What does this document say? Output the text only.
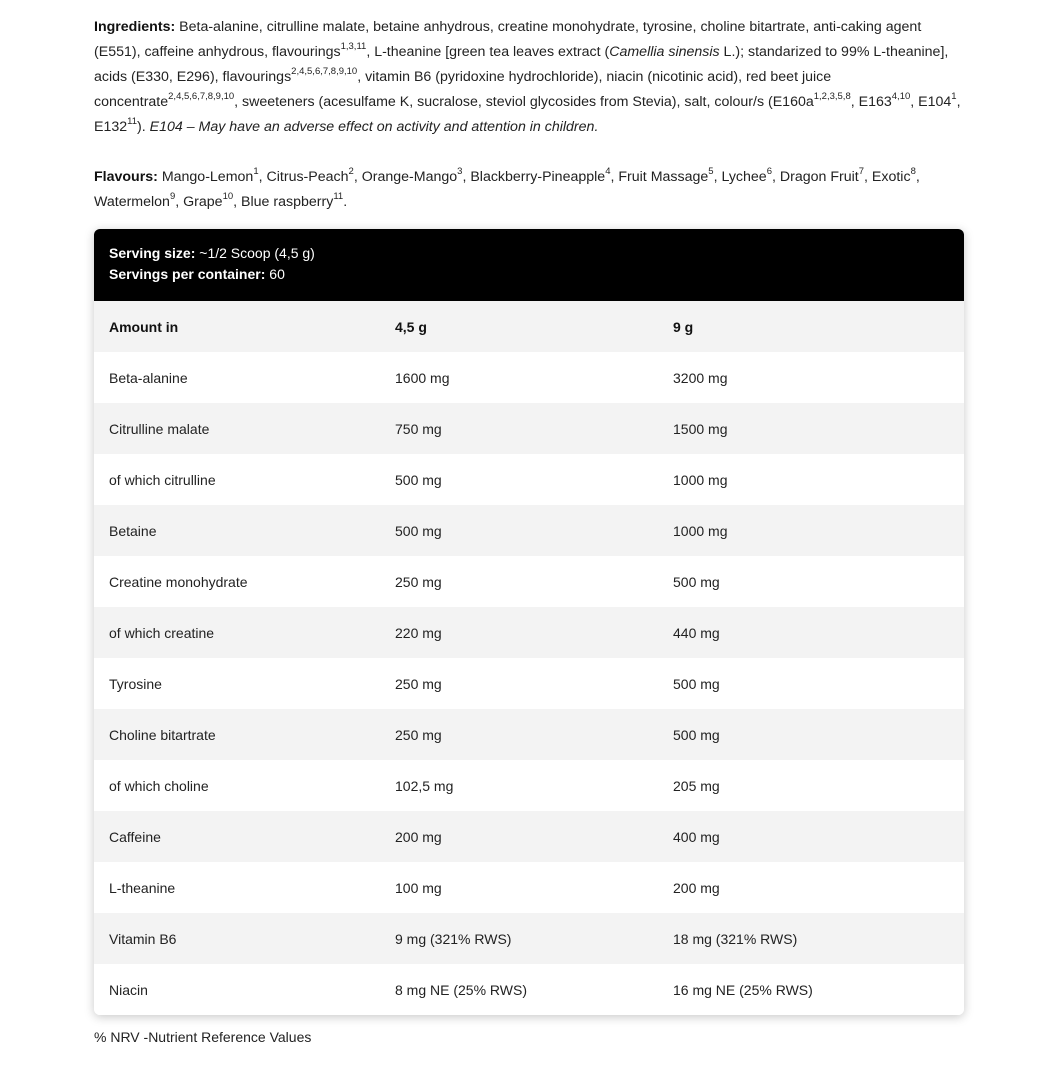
Ingredients: Beta-alanine, citrulline malate, betaine anhydrous, creatine monohydrate, tyrosine, choline bitartrate, anti-caking agent (E551), caffeine anhydrous, flavourings$^{1,3,11}$, L-theanine [green tea leaves extract (Camellia sinensis L.); standarized to 99% L-theanine], acids (E330, E296), flavourings$^{2,4,5,6,7,8,9,10}$, vitamin B6 (pyridoxine hydrochloride), niacin (nicotinic acid), red beet juice concentrate$^{2,4,5,6,7,8,9,10}$, sweeteners (acesulfame K, sucralose, steviol glycosides from Stevia), salt, colour/s ($E160a^{1,2,3,5,8}$, E163$^{4,10}$, $E104^1$, $E132^{11}$). E104 – May have an adverse effect on activity and attention in children.

Flavours: Mango-Lemon$^1$, Citrus-Peach$^2$, Orange-Mango$^3$, Blackberry-Pineapple$^4$, Fruit Massage$^5$, Lychee$^6$, Dragon Fruit$^7$, Exotic$^8$, Watermelon$^9$, Grape$^{10}$, Blue raspberry$^{11}$.

Serving size: ~1/2 Scoop (4,5 g)
Servings per container: 60
Amount in	4,5 g	9 g
Beta-alanine	1600 mg	3200 mg
Citrulline malate	750 mg	1500 mg
of which citrulline	500 mg	1000 mg
Betaine	500 mg	1000 mg
Creatine monohydrate	250 mg	500 mg
of which creatine	220 mg	440 mg
Tyrosine	250 mg	500 mg
Choline bitartrate	250 mg	500 mg
of which choline	102,5 mg	205 mg
Caffeine	200 mg	400 mg
L-theanine	100 mg	200 mg
Vitamin B6	9 mg (321% RWS)	18 mg (321% RWS)
Niacin	8 mg NE (25% RWS)	16 mg NE (25% RWS)
% NRV -Nutrient Reference Values
